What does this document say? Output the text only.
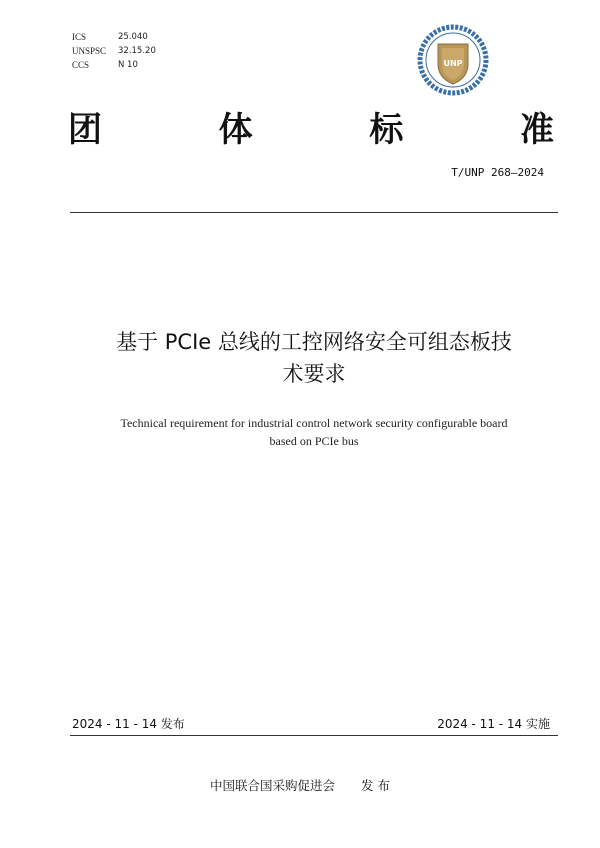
ICS	25.040
UNSPSC	32.15.20
CCS	N 10	UNP
团	体	标	准
T/UNP 268—2024
基于 PCIe 总线的工控网络安全可组态板技
术要求
Technical requirement for industrial control network security configurable board
based on PCIe bus
2024 - 11 - 14 发布	2024 - 11 - 14 实施
中国联合国采购促进会 发 布
